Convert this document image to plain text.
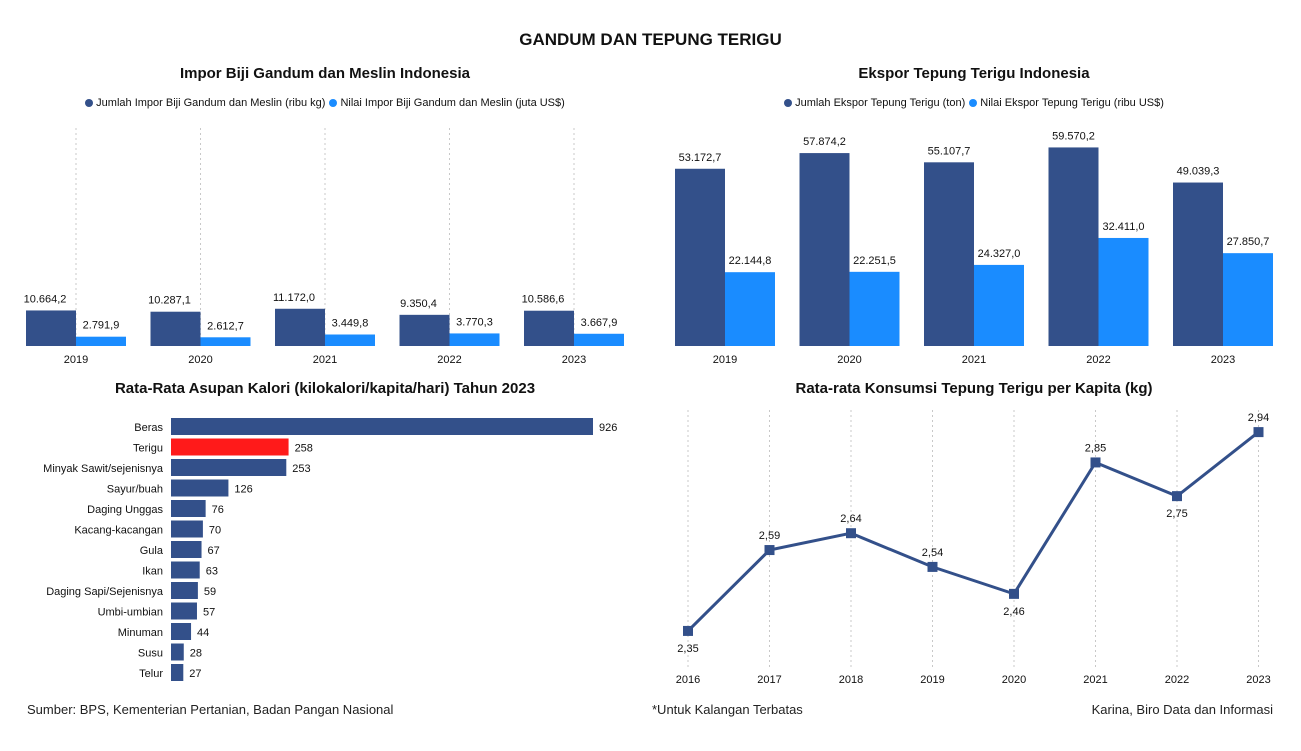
GANDUM DAN TEPUNG TERIGU
Impor Biji Gandum dan Meslin Indonesia
Jumlah Impor Biji Gandum dan Meslin (ribu kg) Nilai Impor Biji Gandum dan Meslin (juta US$)
10.664,2
2.791,9
2019
10.287,1
2.612,7
2020
11.172,0
3.449,8
2021
9.350,4
3.770,3
2022
10.586,6
3.667,9
2023
Ekspor Tepung Terigu Indonesia
Jumlah Ekspor Tepung Terigu (ton) Nilai Ekspor Tepung Terigu (ribu US$)
53.172,7
22.144,8
2019
57.874,2
22.251,5
2020
55.107,7
24.327,0
2021
59.570,2
32.411,0
2022
49.039,3
27.850,7
2023
Rata-Rata Asupan Kalori (kilokalori/kapita/hari) Tahun 2023
Beras	926
Terigu	258
Minyak Sawit/sejenisnya	253
Sayur/buah	126
Daging Unggas	76
Kacang-kacangan	70
Gula	67
Ikan	63
Daging Sapi/Sejenisnya	59
Umbi-umbian	57
Minuman	44
Susu 28
Telur 27
Rata-rata Konsumsi Tepung Terigu per Kapita (kg)
2016	2017	2018	2019	2020	2021	2022	2023
2,35
2,59
2,64
2,54
2,46
2,85
2,75
2,94
Sumber: BPS, Kementerian Pertanian, Badan Pangan Nasional	*Untuk Kalangan Terbatas	Karina, Biro Data dan Informasi
